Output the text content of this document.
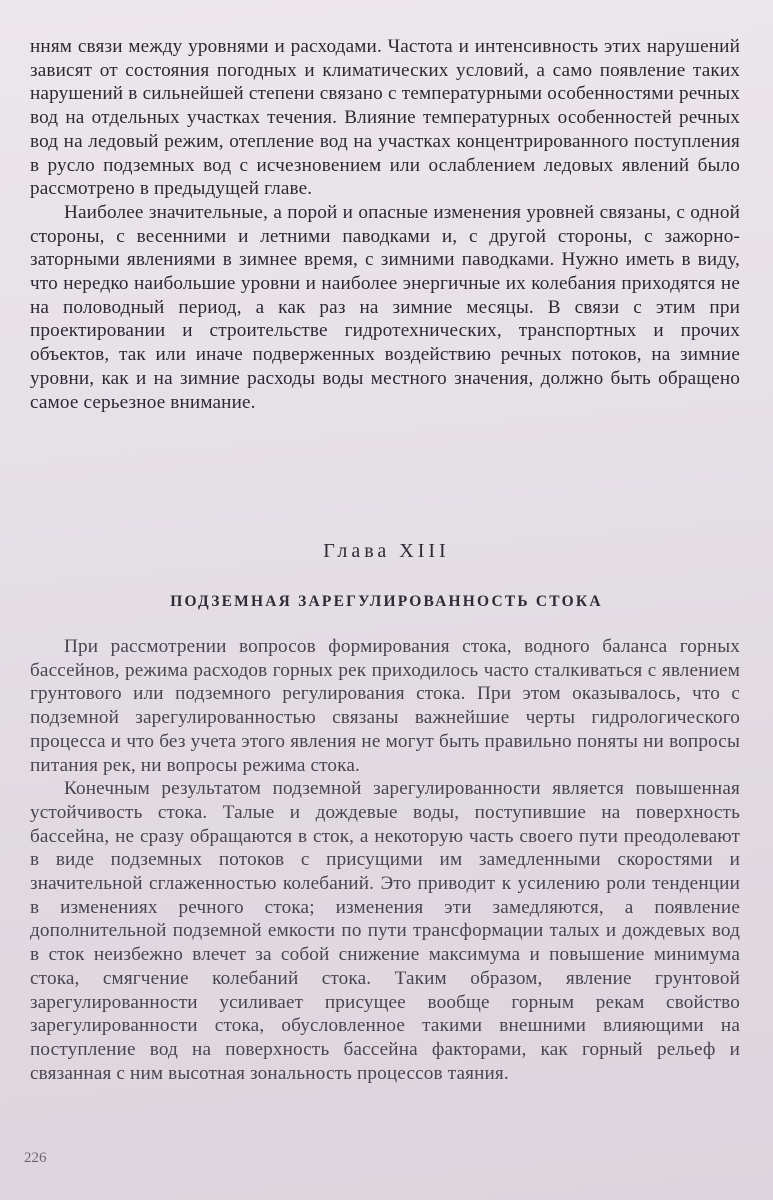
нням связи между уровнями и расходами. Частота и интенсивность этих нарушений зависят от состояния погодных и климатических условий, а само появление таких нарушений в сильнейшей степени связано с температурными особенностями речных вод на отдельных участках течения. Влияние температурных особенностей речных вод на ледовый режим, отепление вод на участках концентрированного поступления в русло подземных вод с исчезновением или ослаблением ледовых явлений было рассмотрено в предыдущей главе.

Наиболее значительные, а порой и опасные изменения уровней связаны, с одной стороны, с весенними и летними паводками и, с другой стороны, с зажорно-заторными явлениями в зимнее время, с зимними паводками. Нужно иметь в виду, что нередко наибольшие уровни и наиболее энергичные их колебания приходятся не на половодный период, а как раз на зимние месяцы. В связи с этим при проектировании и строительстве гидротехнических, транспортных и прочих объектов, так или иначе подверженных воздействию речных потоков, на зимние уровни, как и на зимние расходы воды местного значения, должно быть обращено самое серьезное внимание.

Глава XIII
ПОДЗЕМНАЯ ЗАРЕГУЛИРОВАННОСТЬ СТОКА

При рассмотрении вопросов формирования стока, водного баланса горных бассейнов, режима расходов горных рек приходилось часто сталкиваться с явлением грунтового или подземного регулирования стока. При этом оказывалось, что с подземной зарегулированностью связаны важнейшие черты гидрологического процесса и что без учета этого явления не могут быть правильно поняты ни вопросы питания рек, ни вопросы режима стока.

Конечным результатом подземной зарегулированности является повышенная устойчивость стока. Талые и дождевые воды, поступившие на поверхность бассейна, не сразу обращаются в сток, а некоторую часть своего пути преодолевают в виде подземных потоков с присущими им замедленными скоростями и значительной сглаженностью колебаний. Это приводит к усилению роли тенденции в изменениях речного стока; изменения эти замедляются, а появление дополнительной подземной емкости по пути трансформации талых и дождевых вод в сток неизбежно влечет за собой снижение максимума и повышение минимума стока, смягчение колебаний стока. Таким образом, явление грунтовой зарегулированности усиливает присущее вообще горным рекам свойство зарегулированности стока, обусловленное такими внешними влияющими на поступление вод на поверхность бассейна факторами, как горный рельеф и связанная с ним высотная зональность процессов таяния.

226
